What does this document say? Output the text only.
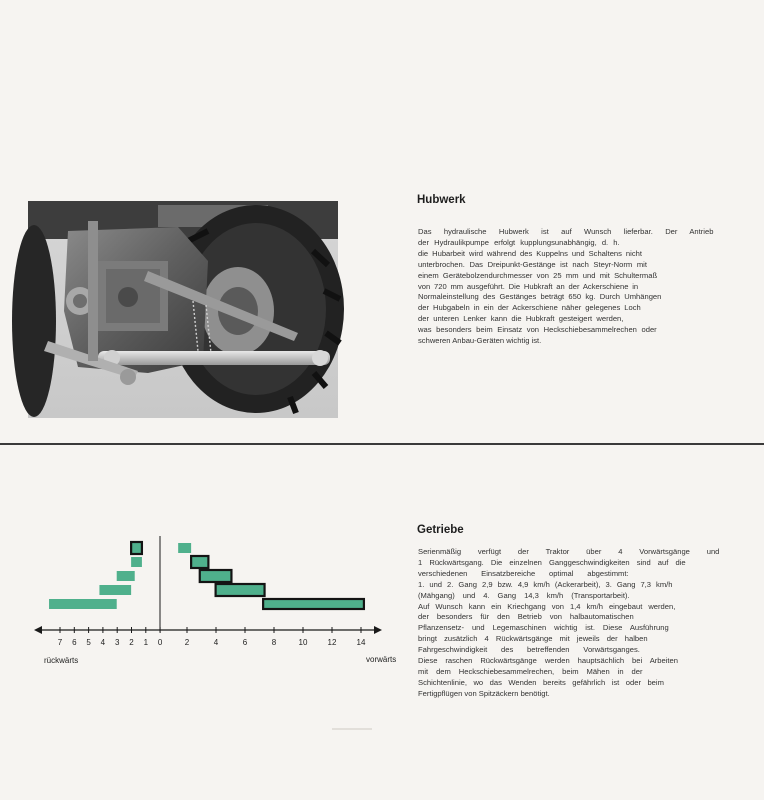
Hubwerk
Das hydraulische Hubwerk ist auf Wunsch lieferbar. Der Antrieb
der Hydraulikpumpe erfolgt kupplungsunabhängig, d. h.
die Hubarbeit wird während des Kuppelns und Schaltens nicht
unterbrochen. Das Dreipunkt-Gestänge ist nach Steyr-Norm mit
einem Gerätebolzendurchmesser von 25 mm und mit Schultermaß
von 720 mm ausgeführt. Die Hubkraft an der Ackerschiene in
Normaleinstellung des Gestänges beträgt 650 kg. Durch Umhängen
der Hubgabeln in ein der Ackerschiene näher gelegenes Loch
der unteren Lenker kann die Hubkraft gesteigert werden,
was besonders beim Einsatz von Heckschiebesammelrechen oder
schweren Anbau-Geräten wichtig ist.
Getriebe
Serienmäßig verfügt der Traktor über 4 Vorwärtsgänge und
1 Rückwärtsgang. Die einzelnen Ganggeschwindigkeiten sind auf die
verschiedenen Einsatzbereiche optimal abgestimmt:
1. und 2. Gang 2,9 bzw. 4,9 km/h (Ackerarbeit), 3. Gang 7,3 km/h
(Mähgang) und 4. Gang 14,3 km/h (Transportarbeit).
Auf Wunsch kann ein Kriechgang von 1,4 km/h eingebaut werden,
der besonders für den Betrieb von halbautomatischen
Pflanzensetz- und Legemaschinen wichtig ist. Diese Ausführung
bringt zusätzlich 4 Rückwärtsgänge mit jeweils der halben
Fahrgeschwindigkeit des betreffenden Vorwärtsganges.
Diese raschen Rückwärtsgänge werden hauptsächlich bei Arbeiten
mit dem Heckschiebesammelrechen, beim Mähen in der
Schichtenlinie, wo das Wenden bereits gefährlich ist oder beim
Fertigpflügen von Spitzäckern benötigt.
7 6 5 4 3 2 1 0	2	4	6	8	10	12	14
rückwärts	vorwärts
